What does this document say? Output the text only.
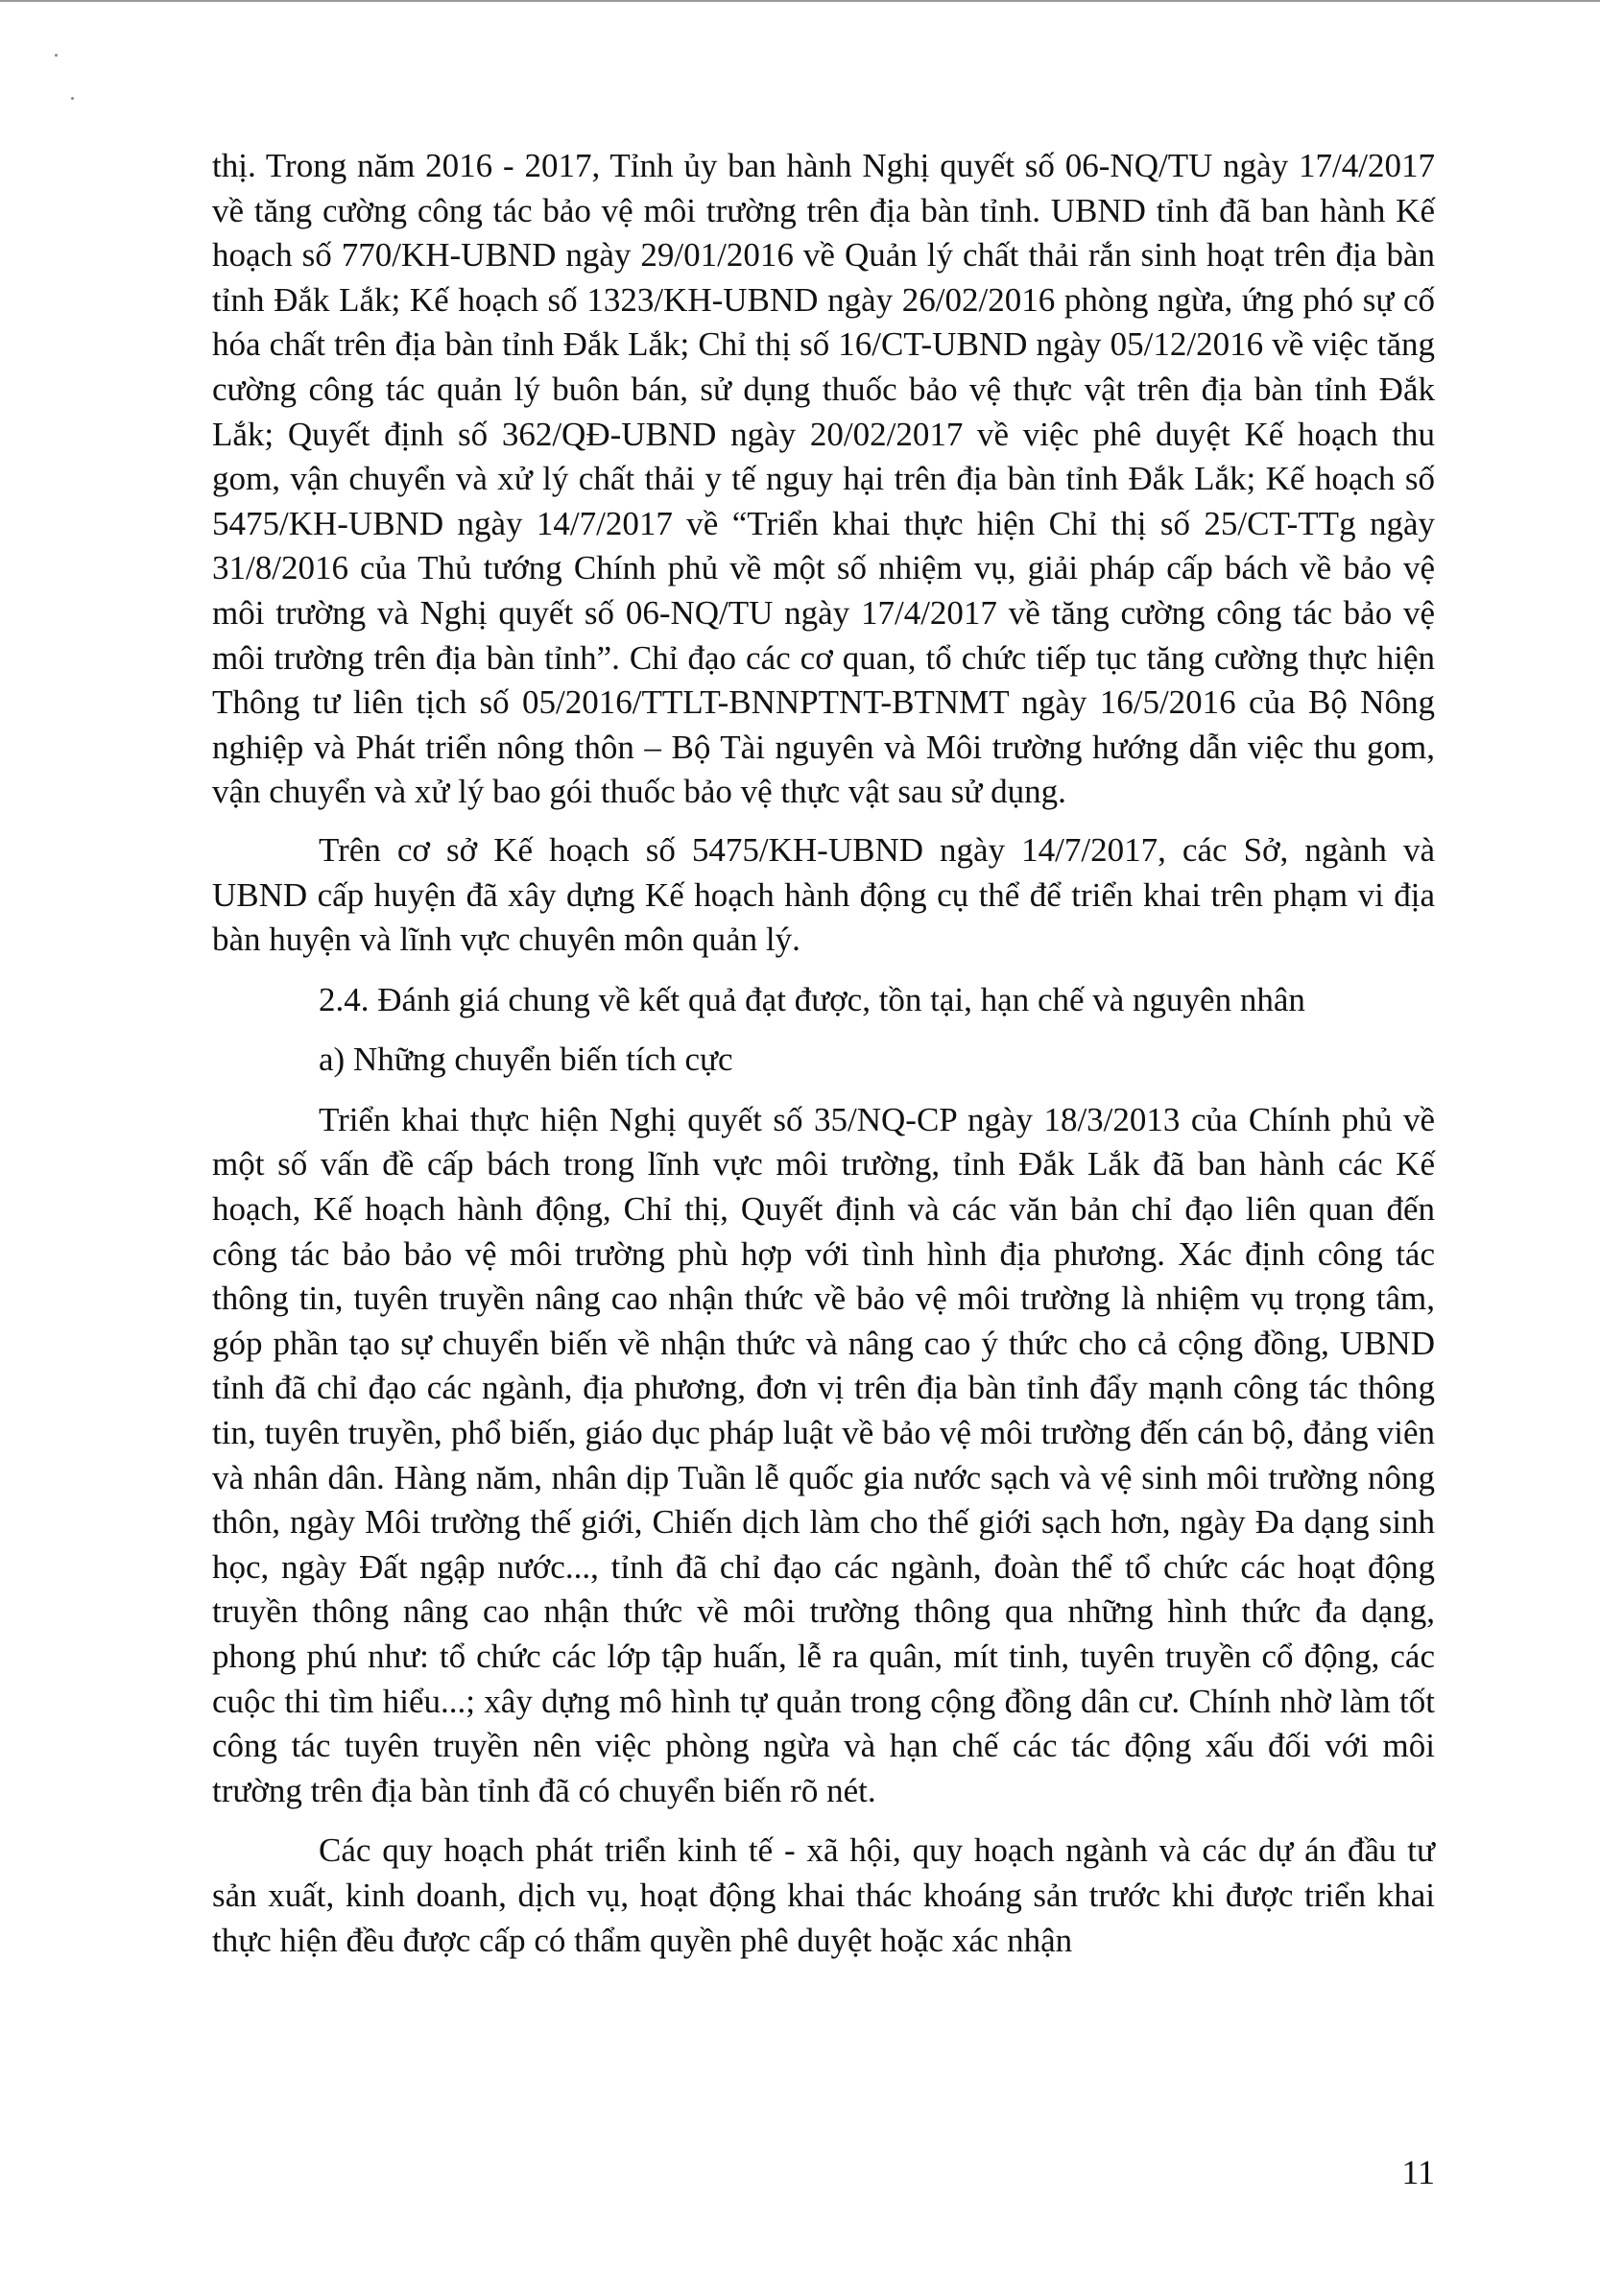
thị. Trong năm 2016 - 2017, Tỉnh ủy ban hành Nghị quyết số 06-NQ/TU ngày 17/4/2017 về tăng cường công tác bảo vệ môi trường trên địa bàn tỉnh. UBND tỉnh đã ban hành Kế hoạch số 770/KH-UBND ngày 29/01/2016 về Quản lý chất thải rắn sinh hoạt trên địa bàn tỉnh Đắk Lắk; Kế hoạch số 1323/KH-UBND ngày 26/02/2016 phòng ngừa, ứng phó sự cố hóa chất trên địa bàn tỉnh Đắk Lắk; Chỉ thị số 16/CT-UBND ngày 05/12/2016 về việc tăng cường công tác quản lý buôn bán, sử dụng thuốc bảo vệ thực vật trên địa bàn tỉnh Đắk Lắk; Quyết định số 362/QĐ-UBND ngày 20/02/2017 về việc phê duyệt Kế hoạch thu gom, vận chuyển và xử lý chất thải y tế nguy hại trên địa bàn tỉnh Đắk Lắk; Kế hoạch số 5475/KH-UBND ngày 14/7/2017 về “Triển khai thực hiện Chỉ thị số 25/CT-TTg ngày 31/8/2016 của Thủ tướng Chính phủ về một số nhiệm vụ, giải pháp cấp bách về bảo vệ môi trường và Nghị quyết số 06-NQ/TU ngày 17/4/2017 về tăng cường công tác bảo vệ môi trường trên địa bàn tỉnh”. Chỉ đạo các cơ quan, tổ chức tiếp tục tăng cường thực hiện Thông tư liên tịch số 05/2016/TTLT-BNNPTNT-BTNMT ngày 16/5/2016 của Bộ Nông nghiệp và Phát triển nông thôn – Bộ Tài nguyên và Môi trường hướng dẫn việc thu gom, vận chuyển và xử lý bao gói thuốc bảo vệ thực vật sau sử dụng.

Trên cơ sở Kế hoạch số 5475/KH-UBND ngày 14/7/2017, các Sở, ngành và UBND cấp huyện đã xây dựng Kế hoạch hành động cụ thể để triển khai trên phạm vi địa bàn huyện và lĩnh vực chuyên môn quản lý.

2.4. Đánh giá chung về kết quả đạt được, tồn tại, hạn chế và nguyên nhân

a) Những chuyển biến tích cực

Triển khai thực hiện Nghị quyết số 35/NQ-CP ngày 18/3/2013 của Chính phủ về một số vấn đề cấp bách trong lĩnh vực môi trường, tỉnh Đắk Lắk đã ban hành các Kế hoạch, Kế hoạch hành động, Chỉ thị, Quyết định và các văn bản chỉ đạo liên quan đến công tác bảo bảo vệ môi trường phù hợp với tình hình địa phương. Xác định công tác thông tin, tuyên truyền nâng cao nhận thức về bảo vệ môi trường là nhiệm vụ trọng tâm, góp phần tạo sự chuyển biến về nhận thức và nâng cao ý thức cho cả cộng đồng, UBND tỉnh đã chỉ đạo các ngành, địa phương, đơn vị trên địa bàn tỉnh đẩy mạnh công tác thông tin, tuyên truyền, phổ biến, giáo dục pháp luật về bảo vệ môi trường đến cán bộ, đảng viên và nhân dân. Hàng năm, nhân dịp Tuần lễ quốc gia nước sạch và vệ sinh môi trường nông thôn, ngày Môi trường thế giới, Chiến dịch làm cho thế giới sạch hơn, ngày Đa dạng sinh học, ngày Đất ngập nước..., tỉnh đã chỉ đạo các ngành, đoàn thể tổ chức các hoạt động truyền thông nâng cao nhận thức về môi trường thông qua những hình thức đa dạng, phong phú như: tổ chức các lớp tập huấn, lễ ra quân, mít tinh, tuyên truyền cổ động, các cuộc thi tìm hiểu...; xây dựng mô hình tự quản trong cộng đồng dân cư. Chính nhờ làm tốt công tác tuyên truyền nên việc phòng ngừa và hạn chế các tác động xấu đối với môi trường trên địa bàn tỉnh đã có chuyển biến rõ nét.

Các quy hoạch phát triển kinh tế - xã hội, quy hoạch ngành và các dự án đầu tư sản xuất, kinh doanh, dịch vụ, hoạt động khai thác khoáng sản trước khi được triển khai thực hiện đều được cấp có thẩm quyền phê duyệt hoặc xác nhận

11
